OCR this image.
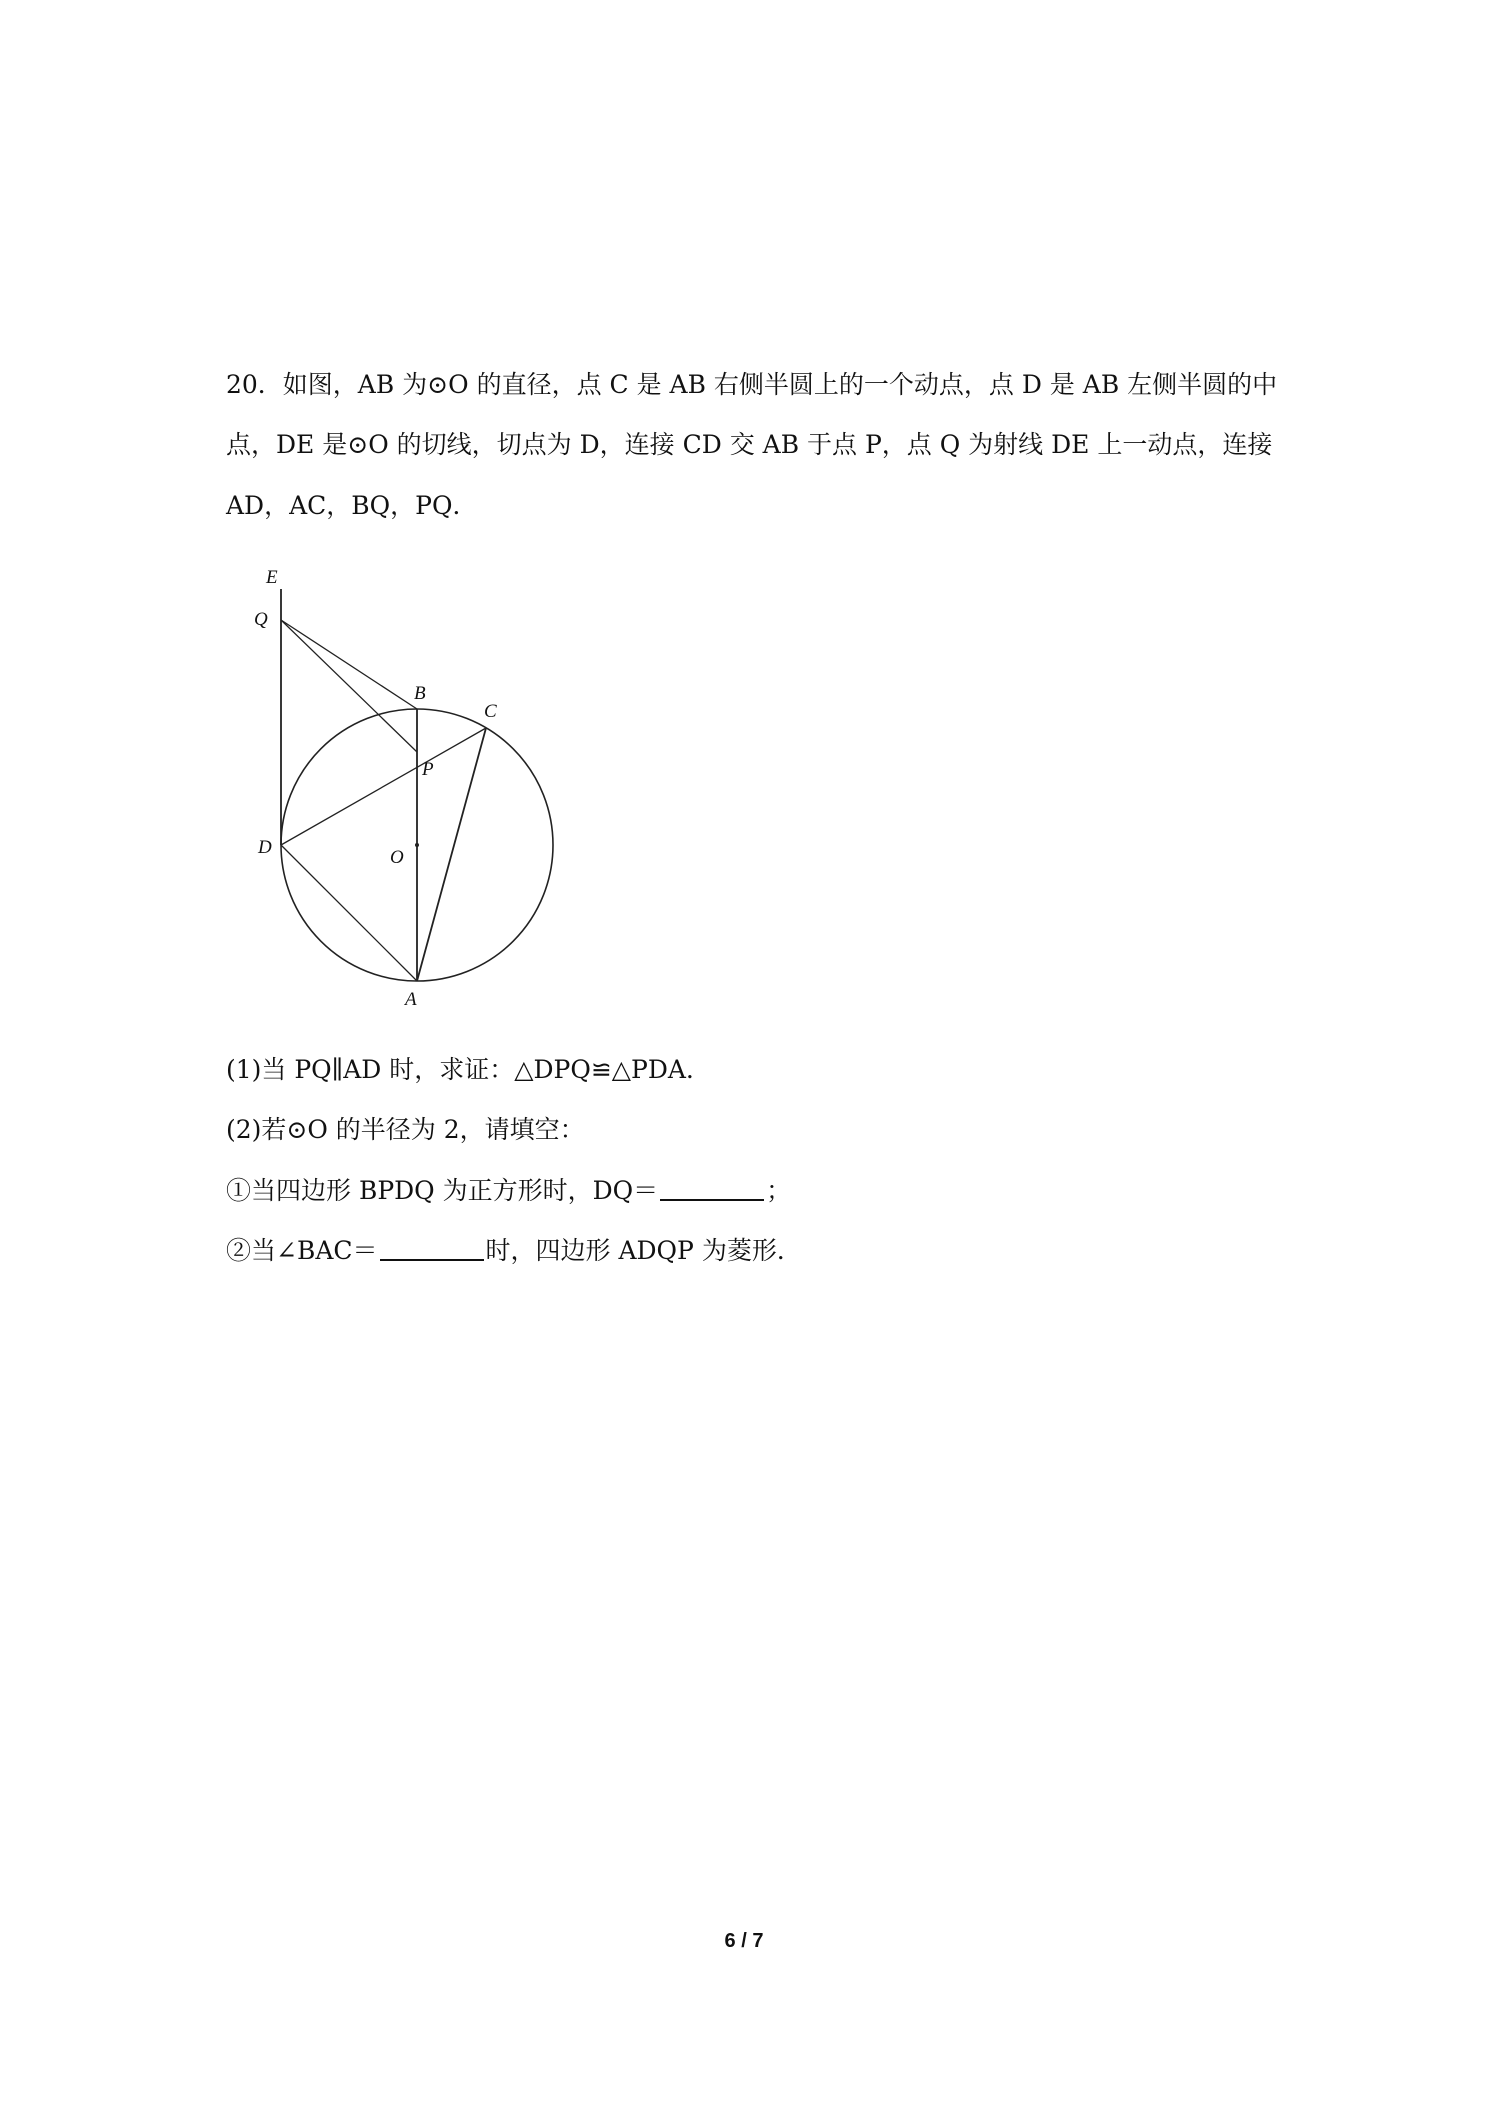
20．如图，AB 为⊙O 的直径，点 C 是 AB 右侧半圆上的一个动点，点 D 是 AB 左侧半圆的中
点，DE 是⊙O 的切线，切点为 D，连接 CD 交 AB 于点 P，点 Q 为射线 DE 上一动点，连接
AD，AC，BQ，PQ．
E
Q
B
C
P
D	O
A
(1)当 PQ∥AD 时，求证：△DPQ≌△PDA．
(2)若⊙O 的半径为 2，请填空：
①当四边形 BPDQ 为正方形时，DQ＝	；
②当∠BAC＝	时，四边形 ADQP 为菱形．
6 / 7
